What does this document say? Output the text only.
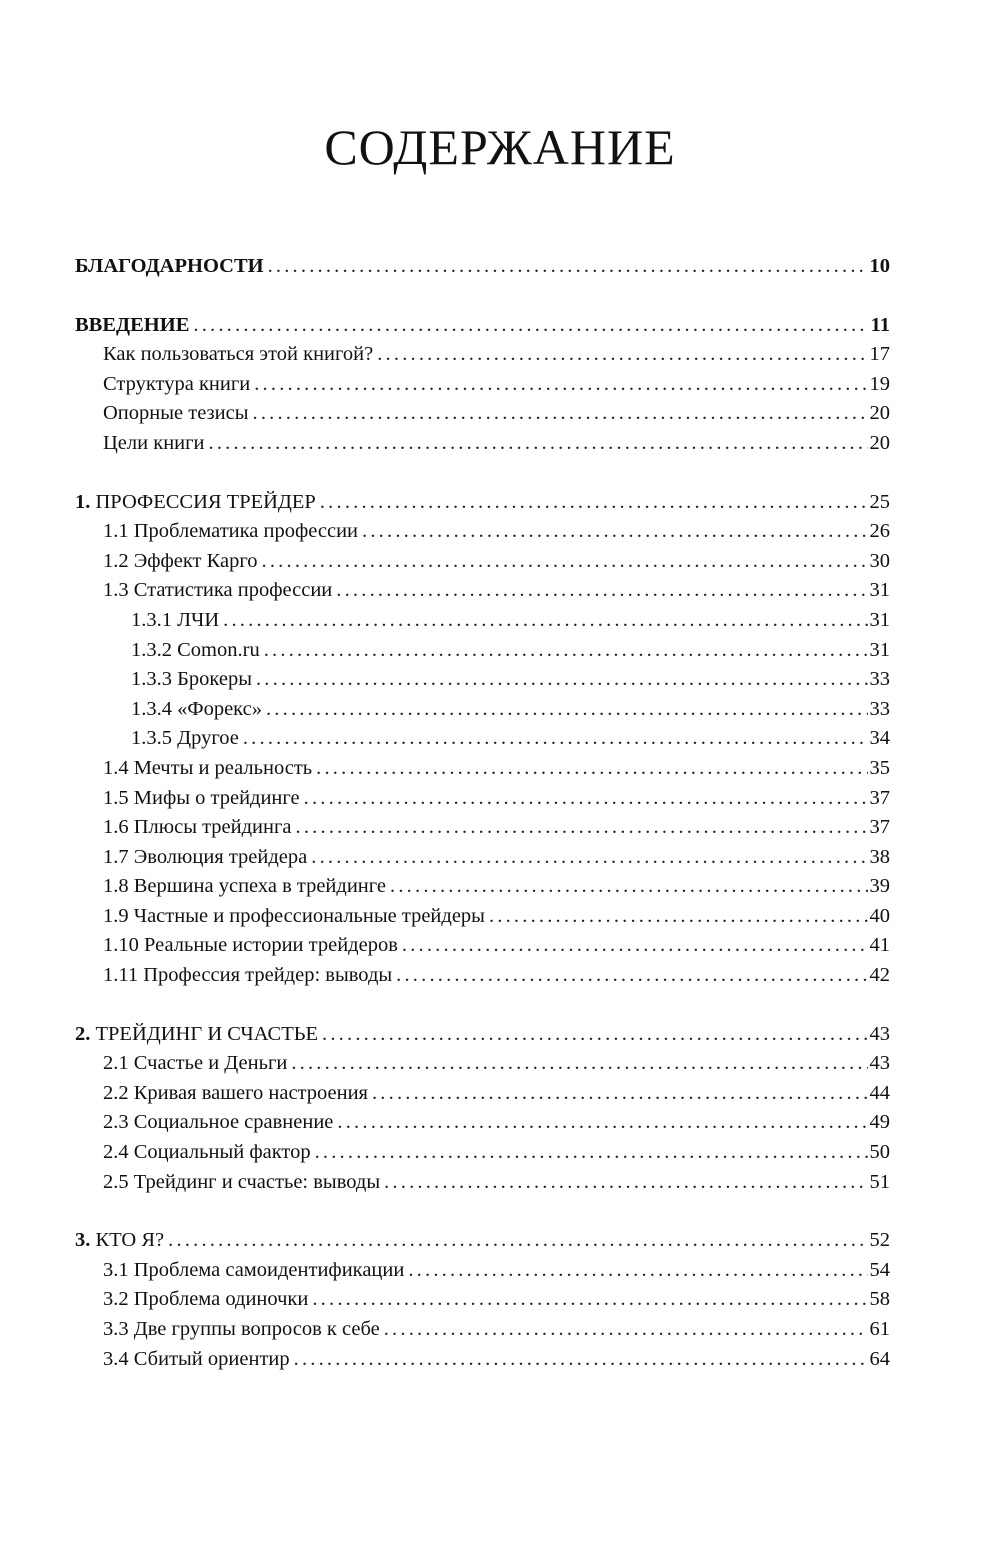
СОДЕРЖАНИЕ
БЛАГОДАРНОСТИ .....	10
ВВЕДЕНИЕ .....	11
Как пользоваться этой книгой? .....	17
Структура книги .....	19
Опорные тезисы .....	20
Цели книги .....	20
1. ПРОФЕССИЯ ТРЕЙДЕР .....	25
1.1 Проблематика профессии .....	26
1.2 Эффект Карго .....	30
1.3 Статистика профессии .....	31
1.3.1 ЛЧИ .....	31
1.3.2 Comon.ru .....	31
1.3.3 Брокеры .....	33
1.3.4 «Форекс» .....	33
1.3.5 Другое .....	34
1.4 Мечты и реальность .....	35
1.5 Мифы о трейдинге .....	37
1.6 Плюсы трейдинга .....	37
1.7 Эволюция трейдера .....	38
1.8 Вершина успеха в трейдинге .....	39
1.9 Частные и профессиональные трейдеры .....	40
1.10 Реальные истории трейдеров .....	41
1.11 Профессия трейдер: выводы .....	42
2. ТРЕЙДИНГ И СЧАСТЬЕ .....	43
2.1 Счастье и Деньги .....	43
2.2 Кривая вашего настроения .....	44
2.3 Социальное сравнение .....	49
2.4 Социальный фактор .....	50
2.5 Трейдинг и счастье: выводы .....	51
3. КТО Я? .....	52
3.1 Проблема самоидентификации .....	54
3.2 Проблема одиночки .....	58
3.3 Две группы вопросов к себе .....	61
3.4 Сбитый ориентир .....	64
